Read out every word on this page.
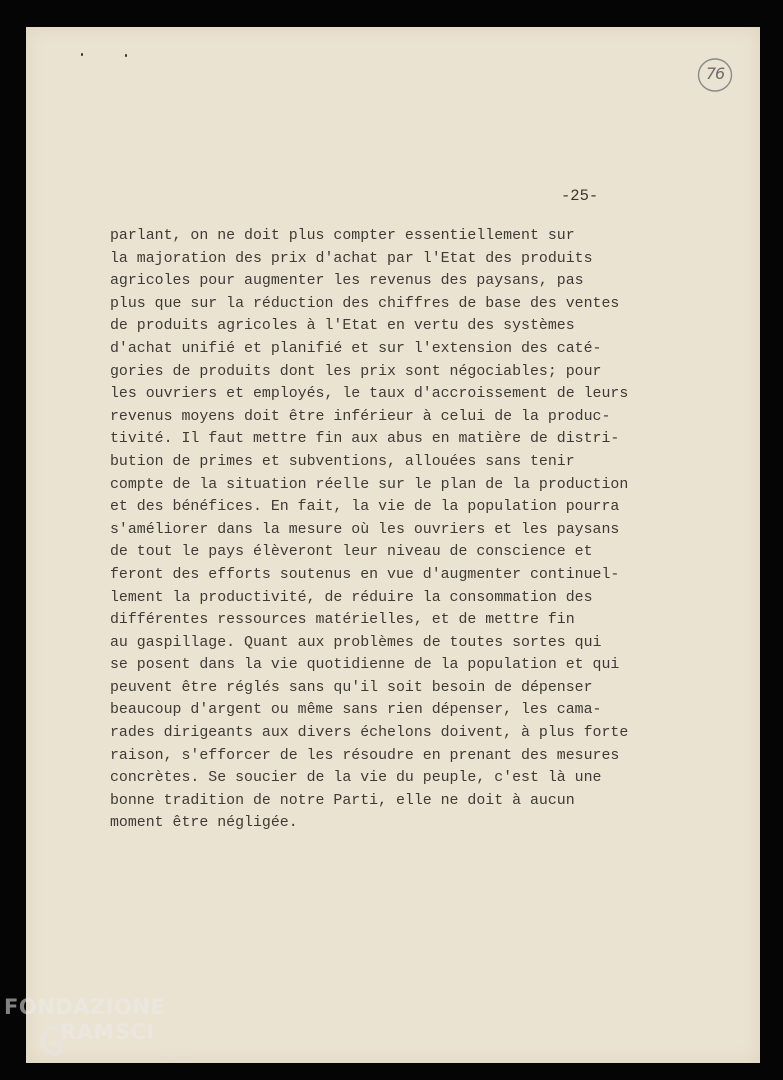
76
-25-
parlant, on ne doit plus compter essentiellement sur
la majoration des prix d'achat par l'Etat des produits
agricoles pour augmenter les revenus des paysans, pas
plus que sur la réduction des chiffres de base des ventes
de produits agricoles à l'Etat en vertu des systèmes
d'achat unifié et planifié et sur l'extension des caté-
gories de produits dont les prix sont négociables; pour
les ouvriers et employés, le taux d'accroissement de leurs
revenus moyens doit être inférieur à celui de la produc-
tivité. Il faut mettre fin aux abus en matière de distri-
bution de primes et subventions, allouées sans tenir
compte de la situation réelle sur le plan de la production
et des bénéfices. En fait, la vie de la population pourra
s'améliorer dans la mesure où les ouvriers et les paysans
de tout le pays élèveront leur niveau de conscience et
feront des efforts soutenus en vue d'augmenter continuel-
lement la productivité, de réduire la consommation des
différentes ressources matérielles, et de mettre fin
au gaspillage. Quant aux problèmes de toutes sortes qui
se posent dans la vie quotidienne de la population et qui
peuvent être réglés sans qu'il soit besoin de dépenser
beaucoup d'argent ou même sans rien dépenser, les cama-
rades dirigeants aux divers échelons doivent, à plus forte
raison, s'efforcer de les résoudre en prenant des mesures
concrètes. Se soucier de la vie du peuple, c'est là une
bonne tradition de notre Parti, elle ne doit à aucun
moment être négligée.
FONDAZIONE
RAMSCI
onlus
